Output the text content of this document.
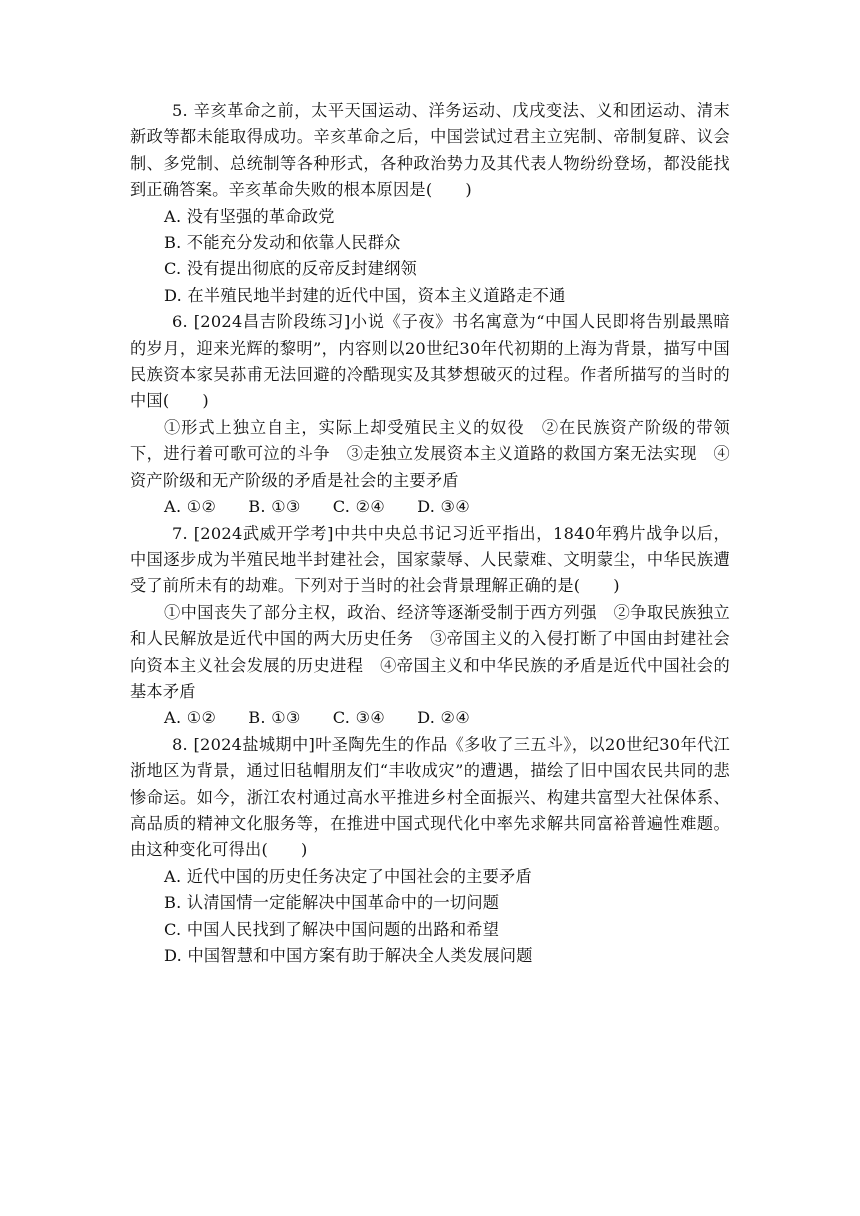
5. 辛亥革命之前，太平天国运动、洋务运动、戊戌变法、义和团运动、清末新政等都未能取得成功。辛亥革命之后，中国尝试过君主立宪制、帝制复辟、议会制、多党制、总统制等各种形式，各种政治势力及其代表人物纷纷登场，都没能找到正确答案。辛亥革命失败的根本原因是(　　)

A. 没有坚强的革命政党

B. 不能充分发动和依靠人民群众

C. 没有提出彻底的反帝反封建纲领

D. 在半殖民地半封建的近代中国，资本主义道路走不通

6. [2024昌吉阶段练习]小说《子夜》书名寓意为“中国人民即将告别最黑暗的岁月，迎来光辉的黎明”，内容则以20世纪30年代初期的上海为背景，描写中国民族资本家吴荪甫无法回避的冷酷现实及其梦想破灭的过程。作者所描写的当时的中国(　　)

①形式上独立自主，实际上却受殖民主义的奴役　②在民族资产阶级的带领下，进行着可歌可泣的斗争　③走独立发展资本主义道路的救国方案无法实现　④资产阶级和无产阶级的矛盾是社会的主要矛盾

A. ①② B. ①③ C. ②④ D. ③④

7. [2024武威开学考]中共中央总书记习近平指出，1840年鸦片战争以后，中国逐步成为半殖民地半封建社会，国家蒙辱、人民蒙难、文明蒙尘，中华民族遭受了前所未有的劫难。下列对于当时的社会背景理解正确的是(　　)

①中国丧失了部分主权，政治、经济等逐渐受制于西方列强　②争取民族独立和人民解放是近代中国的两大历史任务　③帝国主义的入侵打断了中国由封建社会向资本主义社会发展的历史进程　④帝国主义和中华民族的矛盾是近代中国社会的基本矛盾

A. ①② B. ①③ C. ③④ D. ②④

8. [2024盐城期中]叶圣陶先生的作品《多收了三五斗》，以20世纪30年代江浙地区为背景，通过旧毡帽朋友们“丰收成灾”的遭遇，描绘了旧中国农民共同的悲惨命运。如今，浙江农村通过高水平推进乡村全面振兴、构建共富型大社保体系、高品质的精神文化服务等，在推进中国式现代化中率先求解共同富裕普遍性难题。由这种变化可得出(　　)

A. 近代中国的历史任务决定了中国社会的主要矛盾

B. 认清国情一定能解决中国革命中的一切问题

C. 中国人民找到了解决中国问题的出路和希望

D. 中国智慧和中国方案有助于解决全人类发展问题
